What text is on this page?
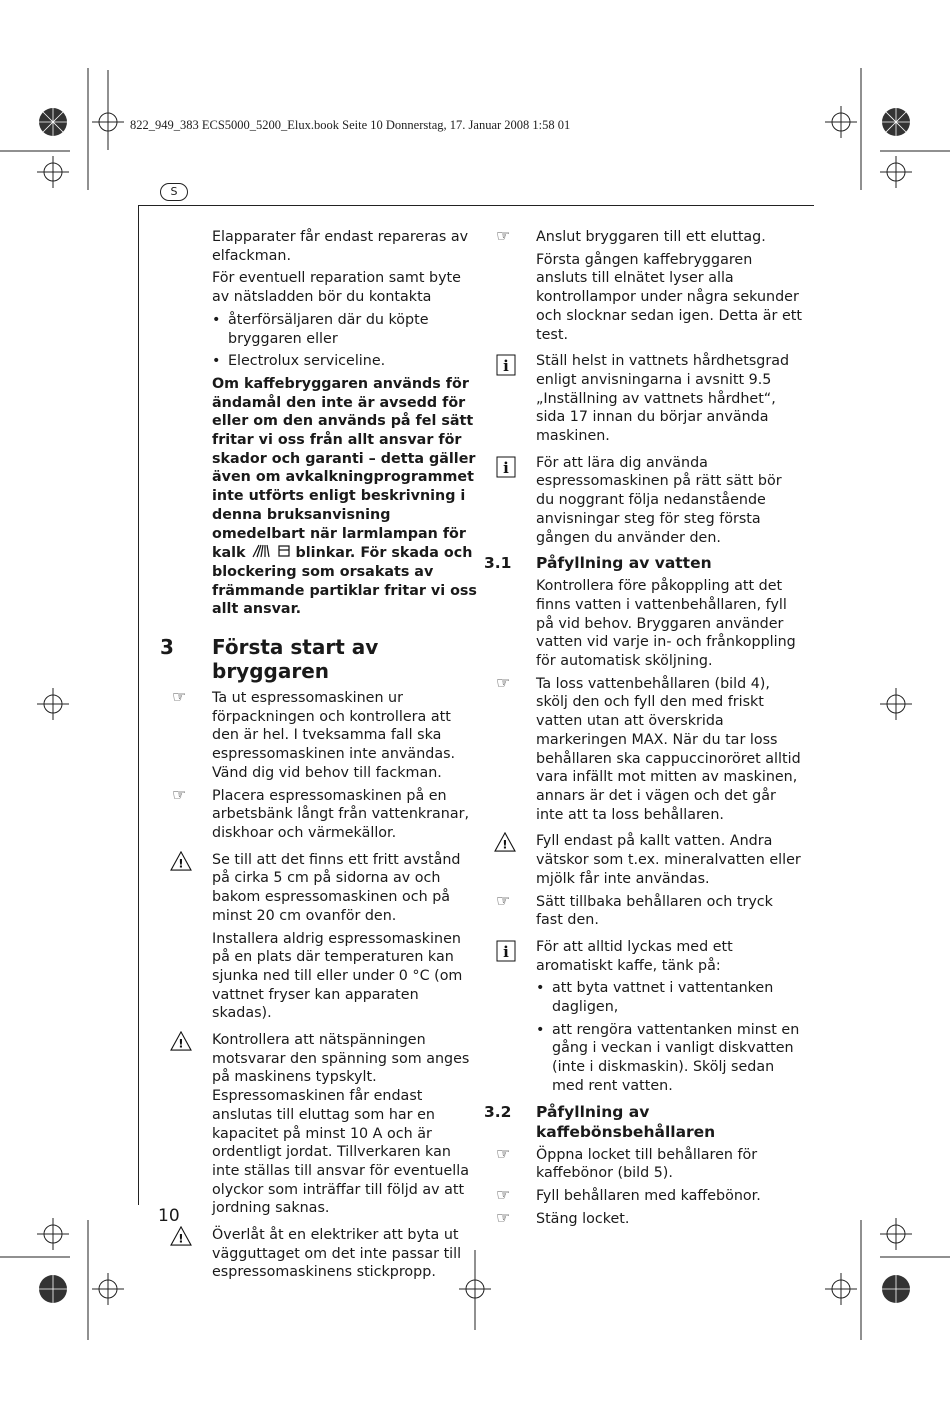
822_949_383 ECS5000_5200_Elux.book Seite 10 Donnerstag, 17. Januar 2008 1:58 01
S
10

Elapparater får endast repareras av elfackman.

För eventuell reparation samt byte av nätsladden bör du kontakta

• återförsäljaren där du köpte bryggaren eller
• Electrolux serviceline.

Om kaffebryggaren används för ändamål den inte är avsedd för eller om den används på fel sätt fritar vi oss från allt ansvar för skador och garanti – detta gäller även om avkalkningprogrammet inte utförts enligt beskrivning i denna bruksanvisning omedelbart när larmlampan för kalk	blinkar. För skada och blockering som orsakats av främmande partiklar fritar vi oss allt ansvar.

3 Första start av bryggaren

☞	Ta ut espressomaskinen ur förpackningen och kontrollera att den är hel. I tveksamma fall ska espressomaskinen inte användas. Vänd dig vid behov till fackman.

☞	Placera espressomaskinen på en arbetsbänk långt från vattenkranar, diskhoar och värmekällor.

! Se till att det finns ett fritt avstånd på cirka 5 cm på sidorna av och bakom espressomaskinen och på minst 20 cm ovanför den.

Installera aldrig espressomaskinen på en plats där temperaturen kan sjunka ned till eller under 0 °C (om vattnet fryser kan apparaten skadas).

! Kontrollera att nätspänningen motsvarar den spänning som anges på maskinens typskylt. Espressomaskinen får endast anslutas till eluttag som har en kapacitet på minst 10 A och är ordentligt jordat. Tillverkaren kan inte ställas till ansvar för eventuella olyckor som inträffar till följd av att jordning saknas.

! Överlåt åt en elektriker att byta ut vägguttaget om det inte passar till espressomaskinens stickpropp.

☞	Anslut bryggaren till ett eluttag.

Första gången kaffebryggaren ansluts till elnätet lyser alla kontrollampor under några sekunder och slocknar sedan igen. Detta är ett test.

i Ställ helst in vattnets hårdhetsgrad enligt anvisningarna i avsnitt 9.5 „Inställning av vattnets hårdhet“, sida 17 innan du börjar använda maskinen.

i För att lära dig använda espressomaskinen på rätt sätt bör du noggrant följa nedanstående anvisningar steg för steg första gången du använder den.

3.1 Påfyllning av vatten

Kontrollera före påkoppling att det finns vatten i vattenbehållaren, fyll på vid behov. Bryggaren använder vatten vid varje in- och frånkoppling för automatisk sköljning.

☞	Ta loss vattenbehållaren (bild 4), skölj den och fyll den med friskt vatten utan att överskrida markeringen MAX. När du tar loss behållaren ska cappuccinoröret alltid vara infällt mot mitten av maskinen, annars är det i vägen och det går inte att ta loss behållaren.

! Fyll endast på kallt vatten. Andra vätskor som t.ex. mineralvatten eller mjölk får inte användas.

☞	Sätt tillbaka behållaren och tryck fast den.

i För att alltid lyckas med ett aromatiskt kaffe, tänk på:

• att byta vattnet i vattentanken dagligen,
• att rengöra vattentanken minst en gång i veckan i vanligt diskvatten (inte i diskmaskin). Skölj sedan med rent vatten.
3.2 Påfyllning av kaffebönsbehållaren

☞	Öppna locket till behållaren för kaffebönor (bild 5).

☞	Fyll behållaren med kaffebönor.

☞	Stäng locket.
